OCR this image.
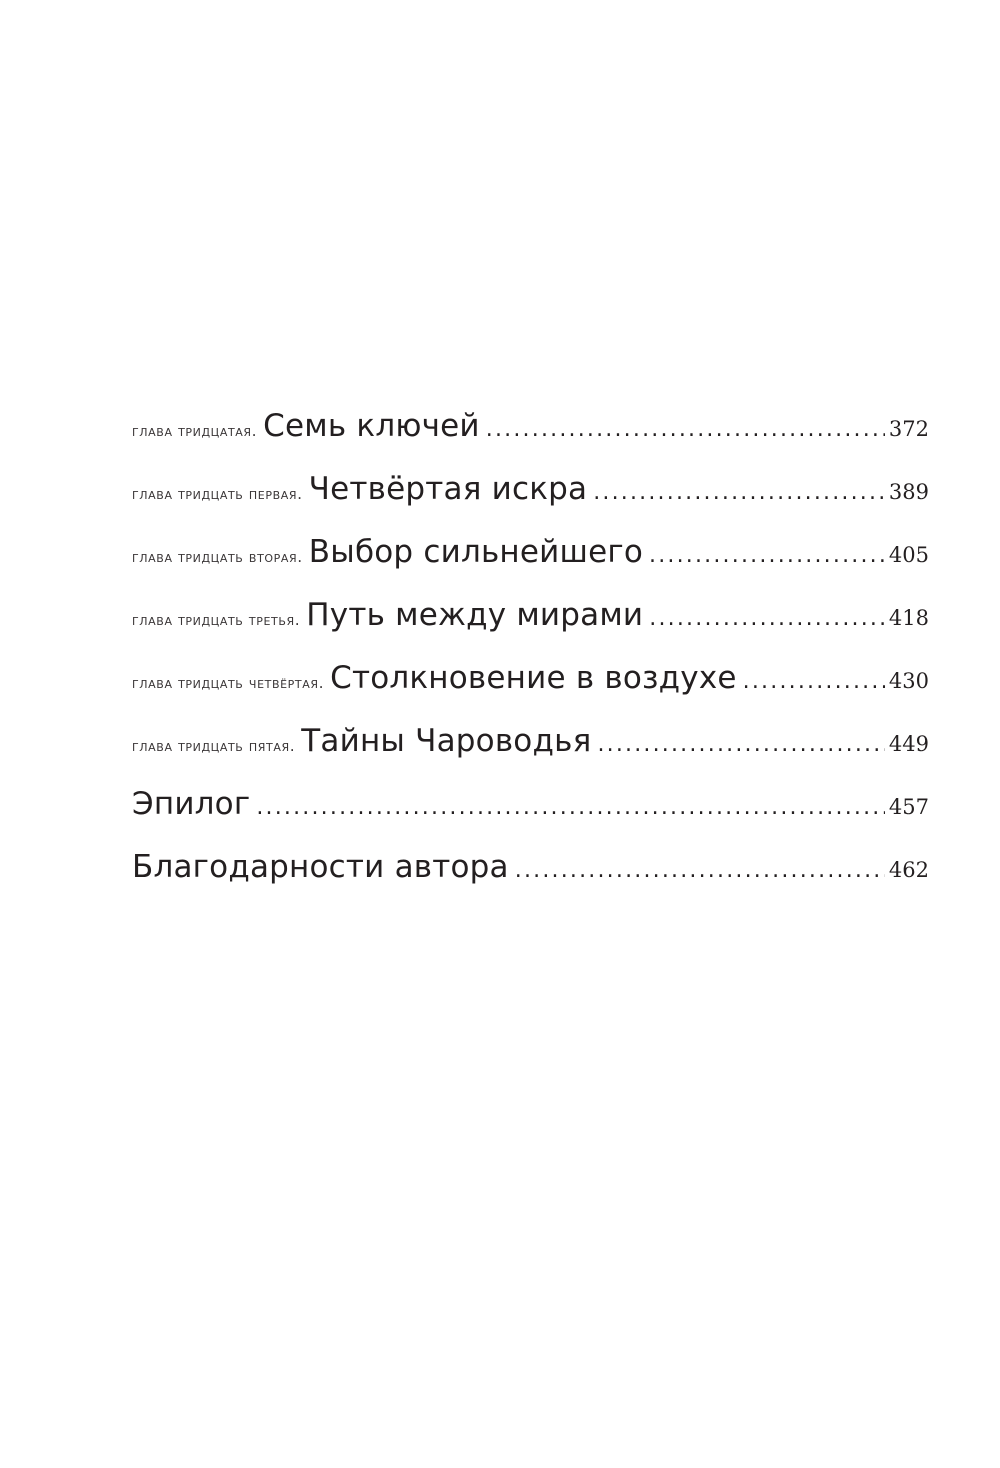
глава тридцатая. Семь ключей .....	372
глава тридцать первая. Четвёртая искра .....	389
глава тридцать вторая. Выбор сильнейшего .....	405
глава тридцать третья. Путь между мирами .....	418
глава тридцать четвёртая. Столкновение в воздухе .....	430
глава тридцать пятая. Тайны Чароводья .....	449
Эпилог .....	457
Благодарности автора .....	462
